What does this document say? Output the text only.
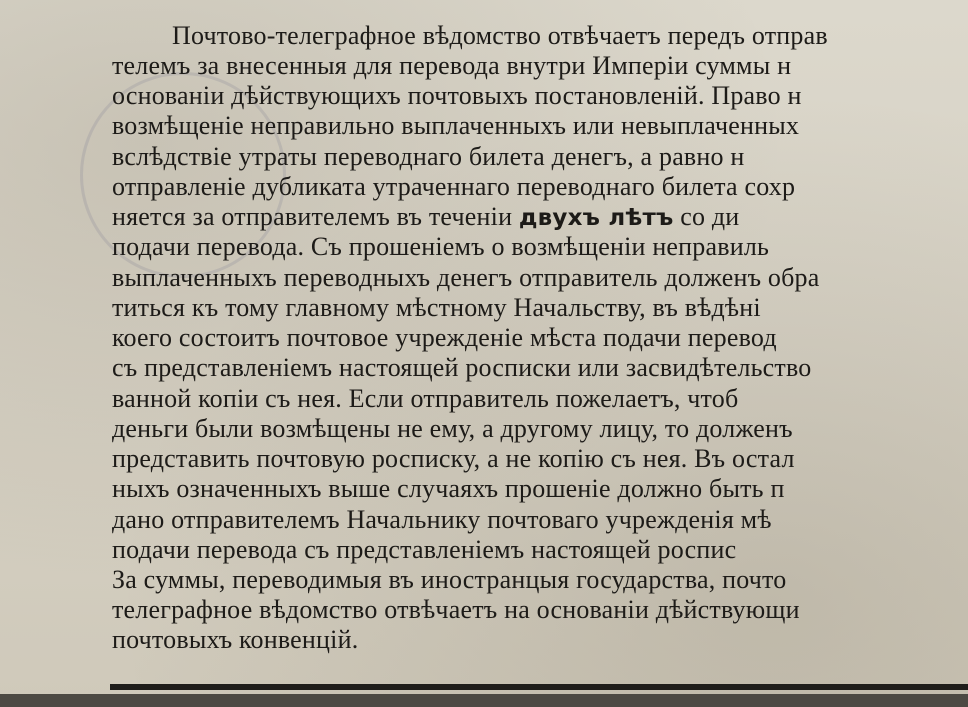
Почтово-телеграфное вѣдомство отвѣчаетъ передъ отправ
телемъ за внесенныя для перевода внутри Имперіи суммы н
основаніи дѣйствующихъ почтовыхъ постановленій. Право н
возмѣщеніе неправильно выплаченныхъ или невыплаченных
вслѣдствіе утраты переводнаго билета денегъ, а равно н
отправленіе дубликата утраченнаго переводнаго билета сохр
няется за отправителемъ въ теченіи двухъ лѣтъ со ди
подачи перевода. Съ прошеніемъ о возмѣщеніи неправиль
выплаченныхъ переводныхъ денегъ отправитель долженъ обра
титься къ тому главному мѣстному Начальству, въ вѣдѣні
коего состоитъ почтовое учрежденіе мѣста подачи перевод
съ представленіемъ настоящей росписки или засвидѣтельство
ванной копіи съ нея. Если отправитель пожелаетъ, чтоб
деньги были возмѣщены не ему, а другому лицу, то долженъ
представить почтовую росписку, а не копію съ нея. Въ остал
ныхъ означенныхъ выше случаяхъ прошеніе должно быть п
дано отправителемъ Начальнику почтоваго учрежденія мѣ
подачи перевода съ представленіемъ настоящей роспис
За суммы, переводимыя въ иностранцыя государства, почто
телеграфное вѣдомство отвѣчаетъ на основаніи дѣйствующи
почтовыхъ конвенцій.
